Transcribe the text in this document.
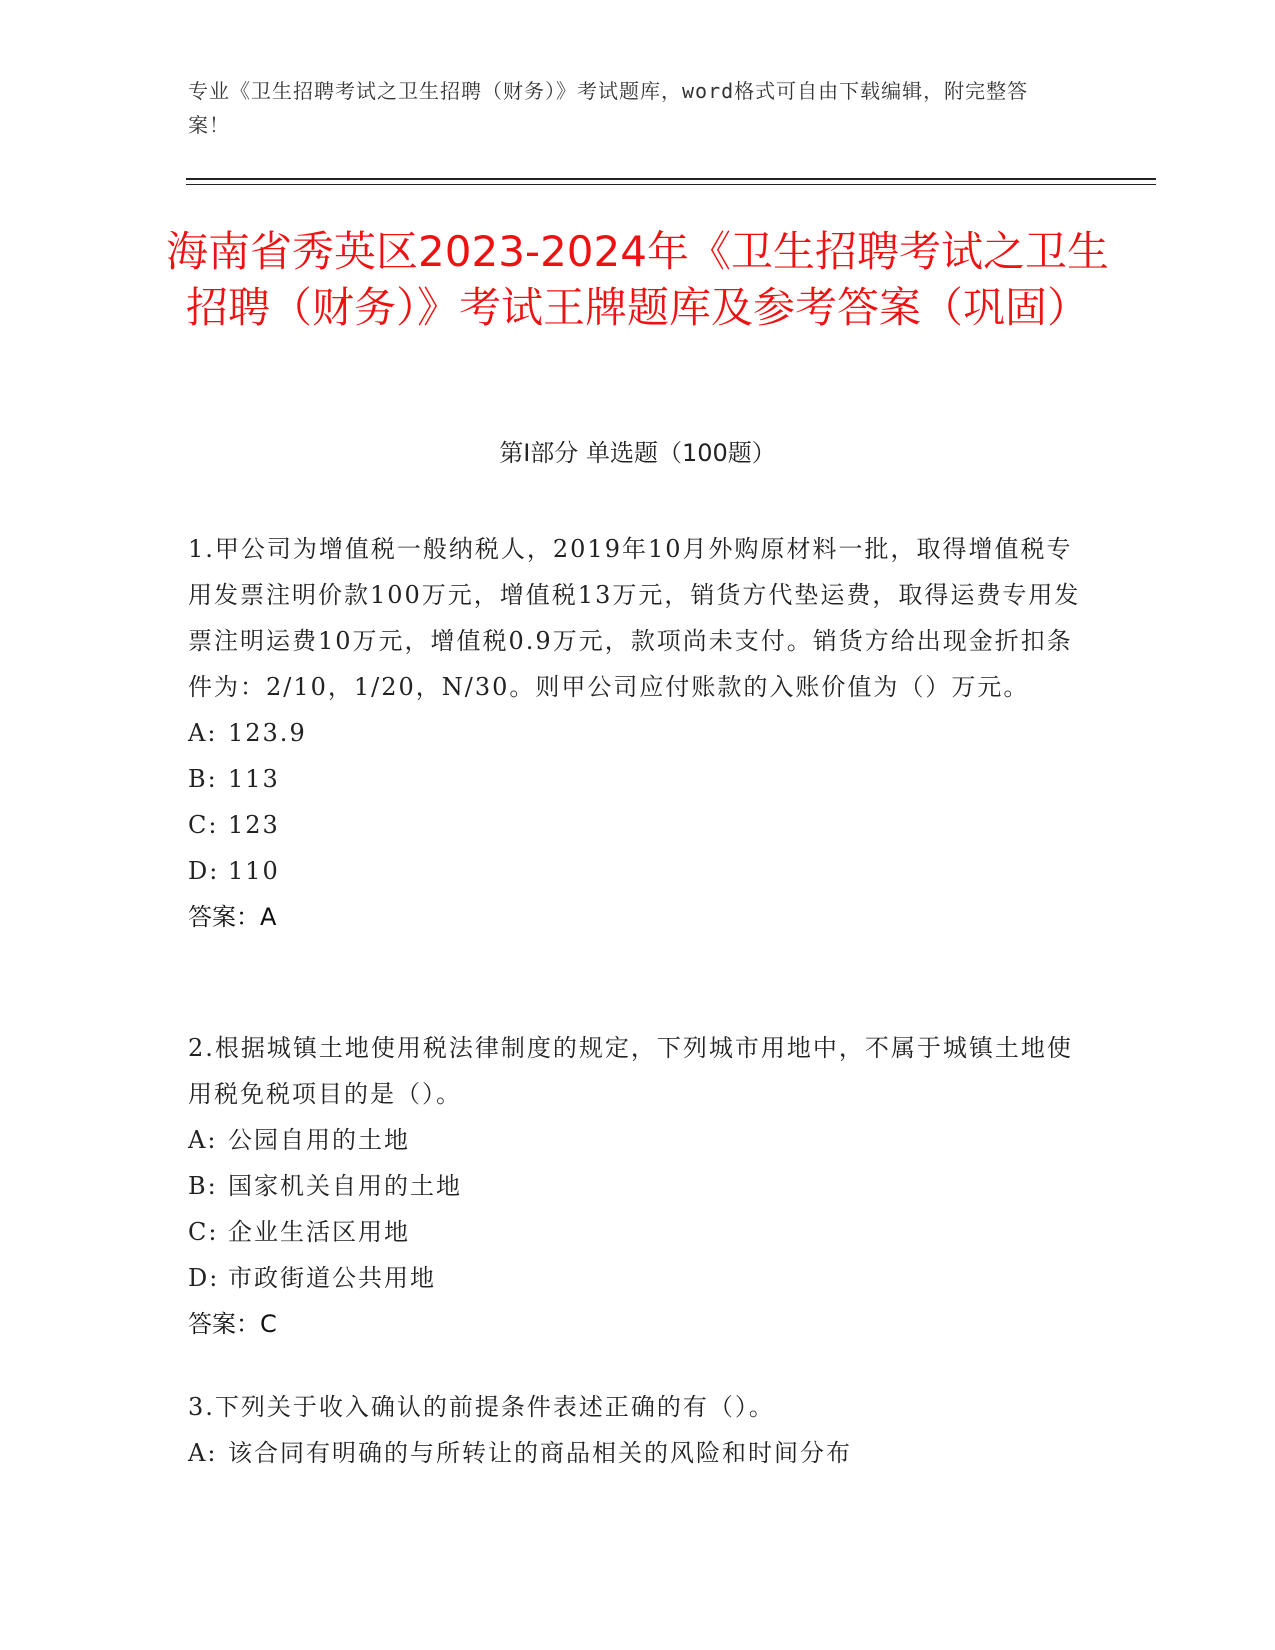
专业《卫生招聘考试之卫生招聘（财务）》考试题库，word格式可自由下载编辑，附完整答案！
海南省秀英区2023-2024年《卫生招聘考试之卫生招聘（财务）》考试王牌题库及参考答案（巩固）
第Ⅰ部分 单选题（100题）
1.甲公司为增值税一般纳税人，2019年10月外购原材料一批，取得增值税专用发票注明价款100万元，增值税13万元，销货方代垫运费，取得运费专用发票注明运费10万元，增值税0.9万元，款项尚未支付。销货方给出现金折扣条件为：2/10，1/20，N/30。则甲公司应付账款的入账价值为（）万元。
A: 123.9
B: 113
C: 123
D: 110
答案：A
2.根据城镇土地使用税法律制度的规定，下列城市用地中，不属于城镇土地使用税免税项目的是（）。
A: 公园自用的土地
B: 国家机关自用的土地
C: 企业生活区用地
D: 市政街道公共用地
答案：C
3.下列关于收入确认的前提条件表述正确的有（）。
A: 该合同有明确的与所转让的商品相关的风险和时间分布
